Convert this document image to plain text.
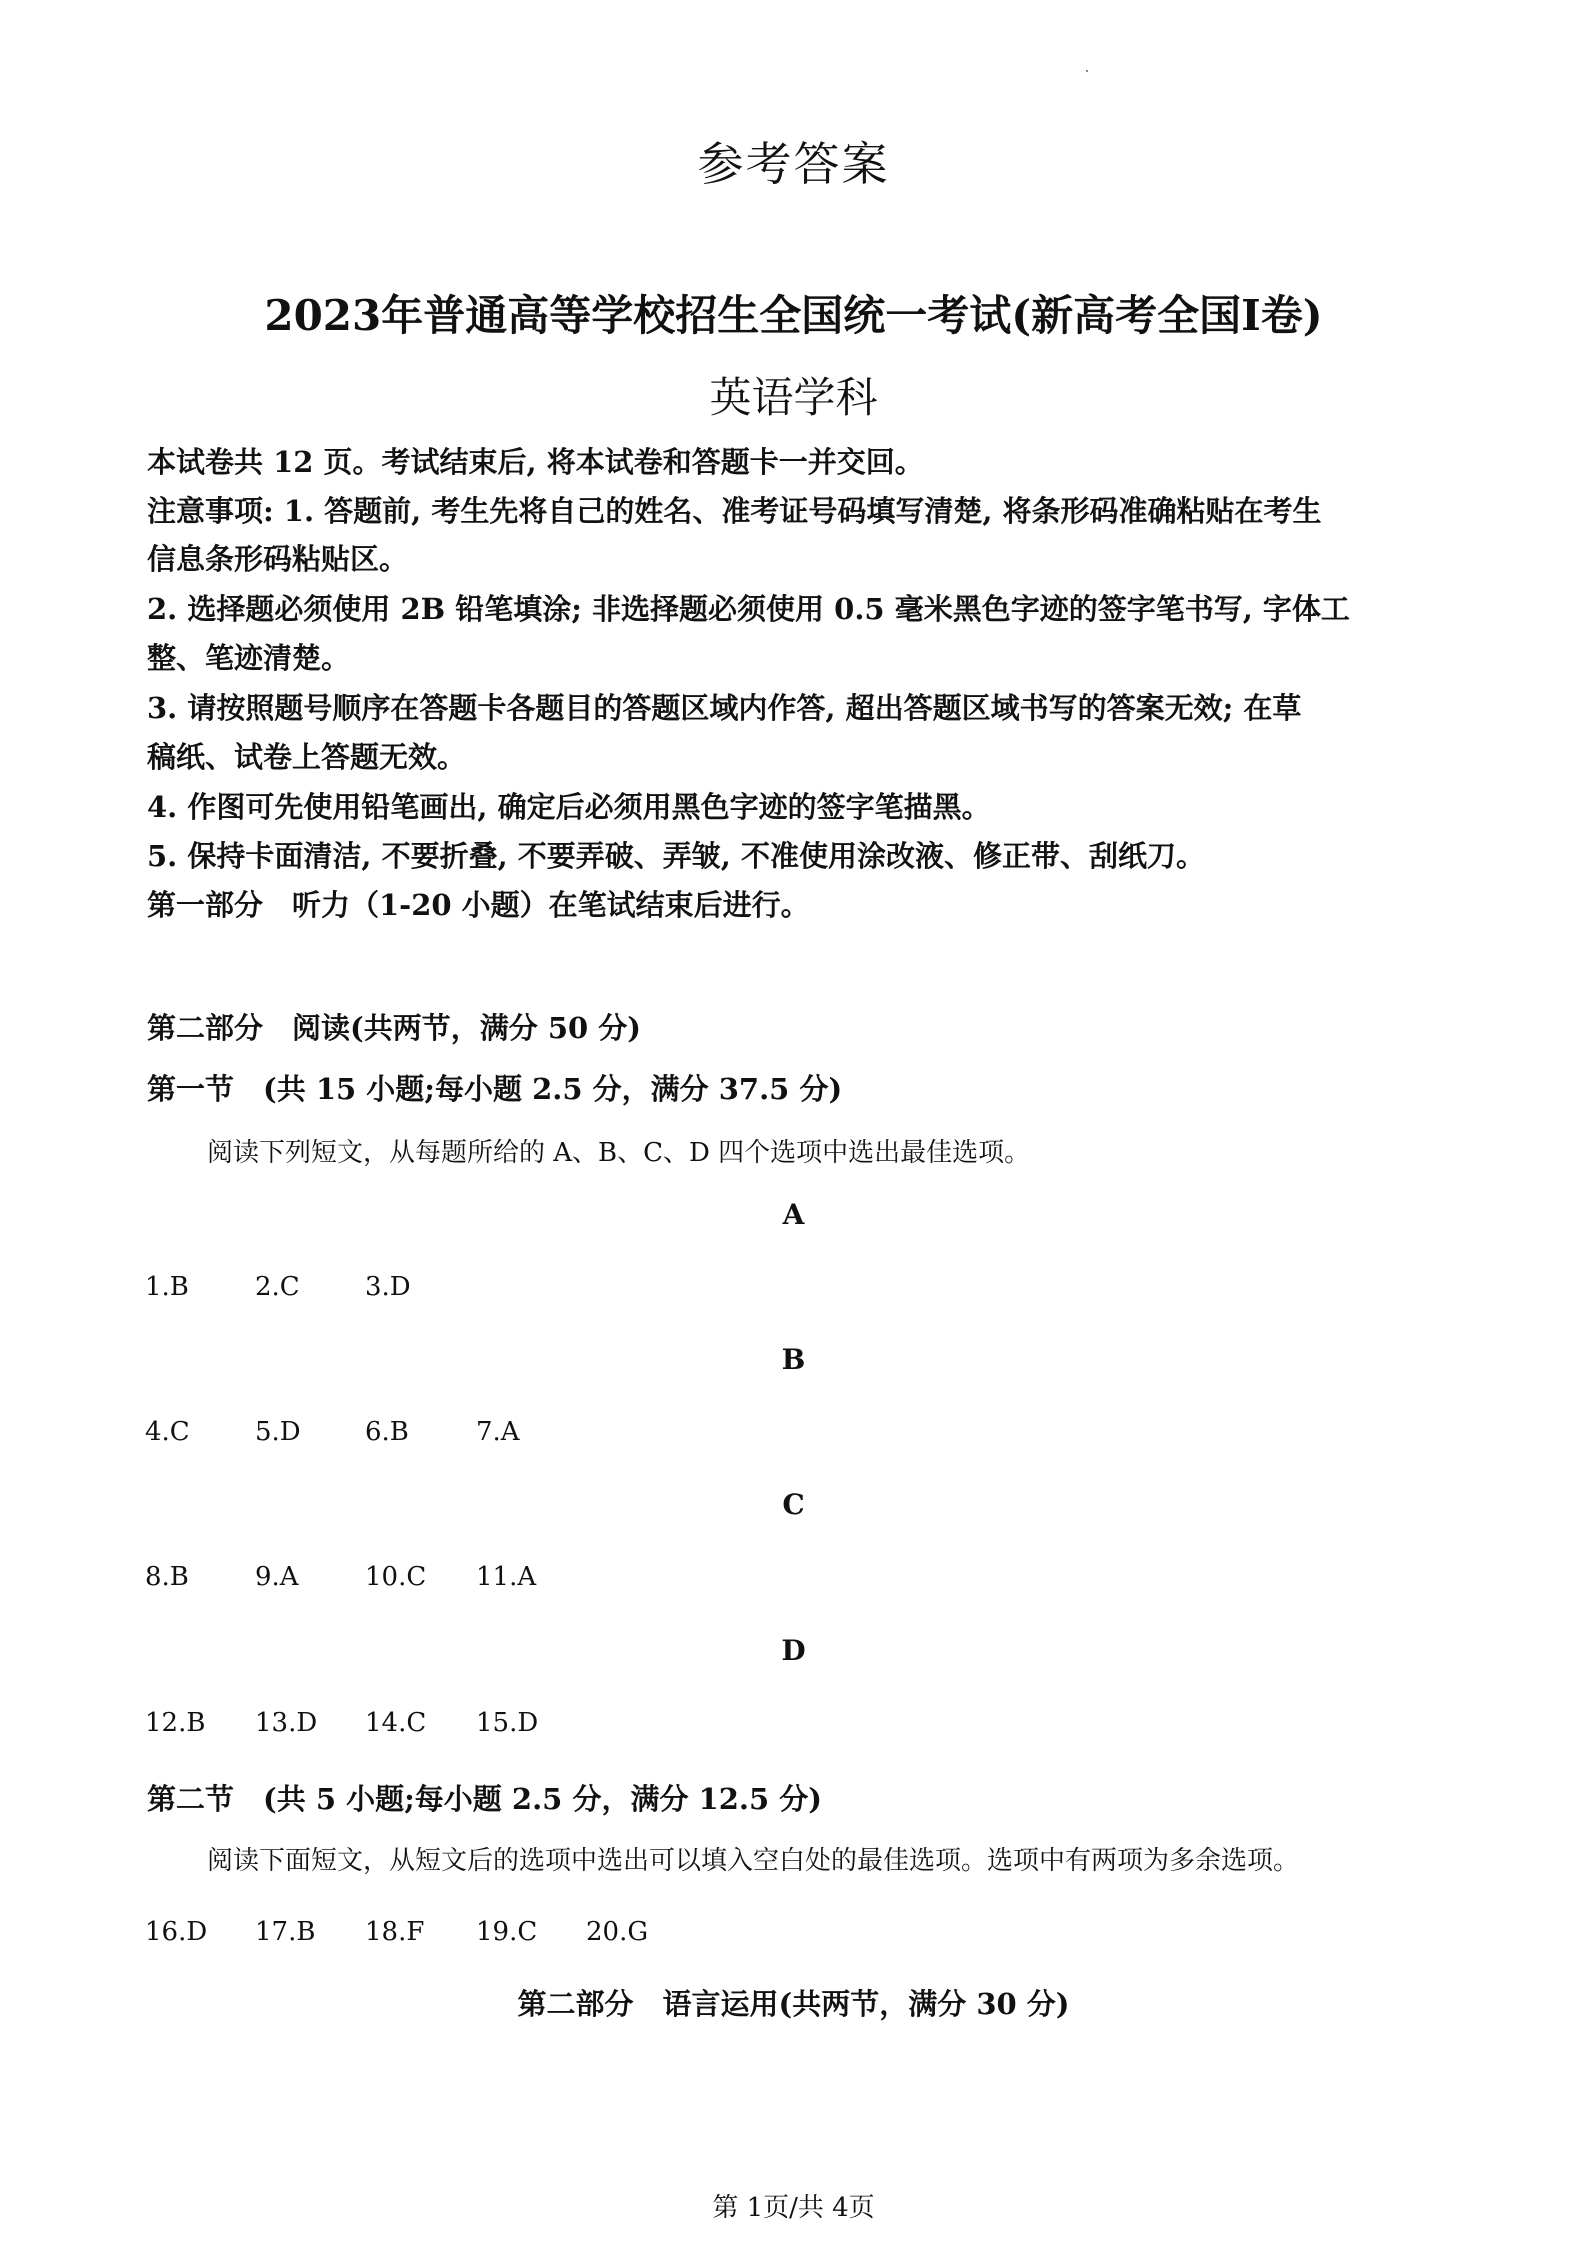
参考答案
2023年普通高等学校招生全国统一考试(新高考全国Ⅰ卷)
英语学科
本试卷共 12 页。考试结束后, 将本试卷和答题卡一并交回。
注意事项: 1. 答题前, 考生先将自己的姓名、准考证号码填写清楚, 将条形码准确粘贴在考生
信息条形码粘贴区。
2. 选择题必须使用 2B 铅笔填涂; 非选择题必须使用 0.5 毫米黑色字迹的签字笔书写, 字体工
整、笔迹清楚。
3. 请按照题号顺序在答题卡各题目的答题区域内作答, 超出答题区域书写的答案无效; 在草
稿纸、试卷上答题无效。
4. 作图可先使用铅笔画出, 确定后必须用黑色字迹的签字笔描黑。
5. 保持卡面清洁, 不要折叠, 不要弄破、弄皱, 不准使用涂改液、修正带、刮纸刀。
第一部分　听力（1-20 小题）在笔试结束后进行。
第二部分　阅读(共两节，满分 50 分)
第一节　(共 15 小题;每小题 2.5 分，满分 37.5 分)
阅读下列短文，从每题所给的 A、B、C、D 四个选项中选出最佳选项。
A
1.B	2.C	3.D
B
4.C	5.D 6.B	7.A
C
8.B	9.A	10.C 11.A
D
12.B 13.D 14.C 15.D
第二节　(共 5 小题;每小题 2.5 分，满分 12.5 分)
阅读下面短文，从短文后的选项中选出可以填入空白处的最佳选项。选项中有两项为多余选项。
16.D 17.B 18.F 19.C 20.G
第二部分　语言运用(共两节，满分 30 分)
第 1页/共 4页
